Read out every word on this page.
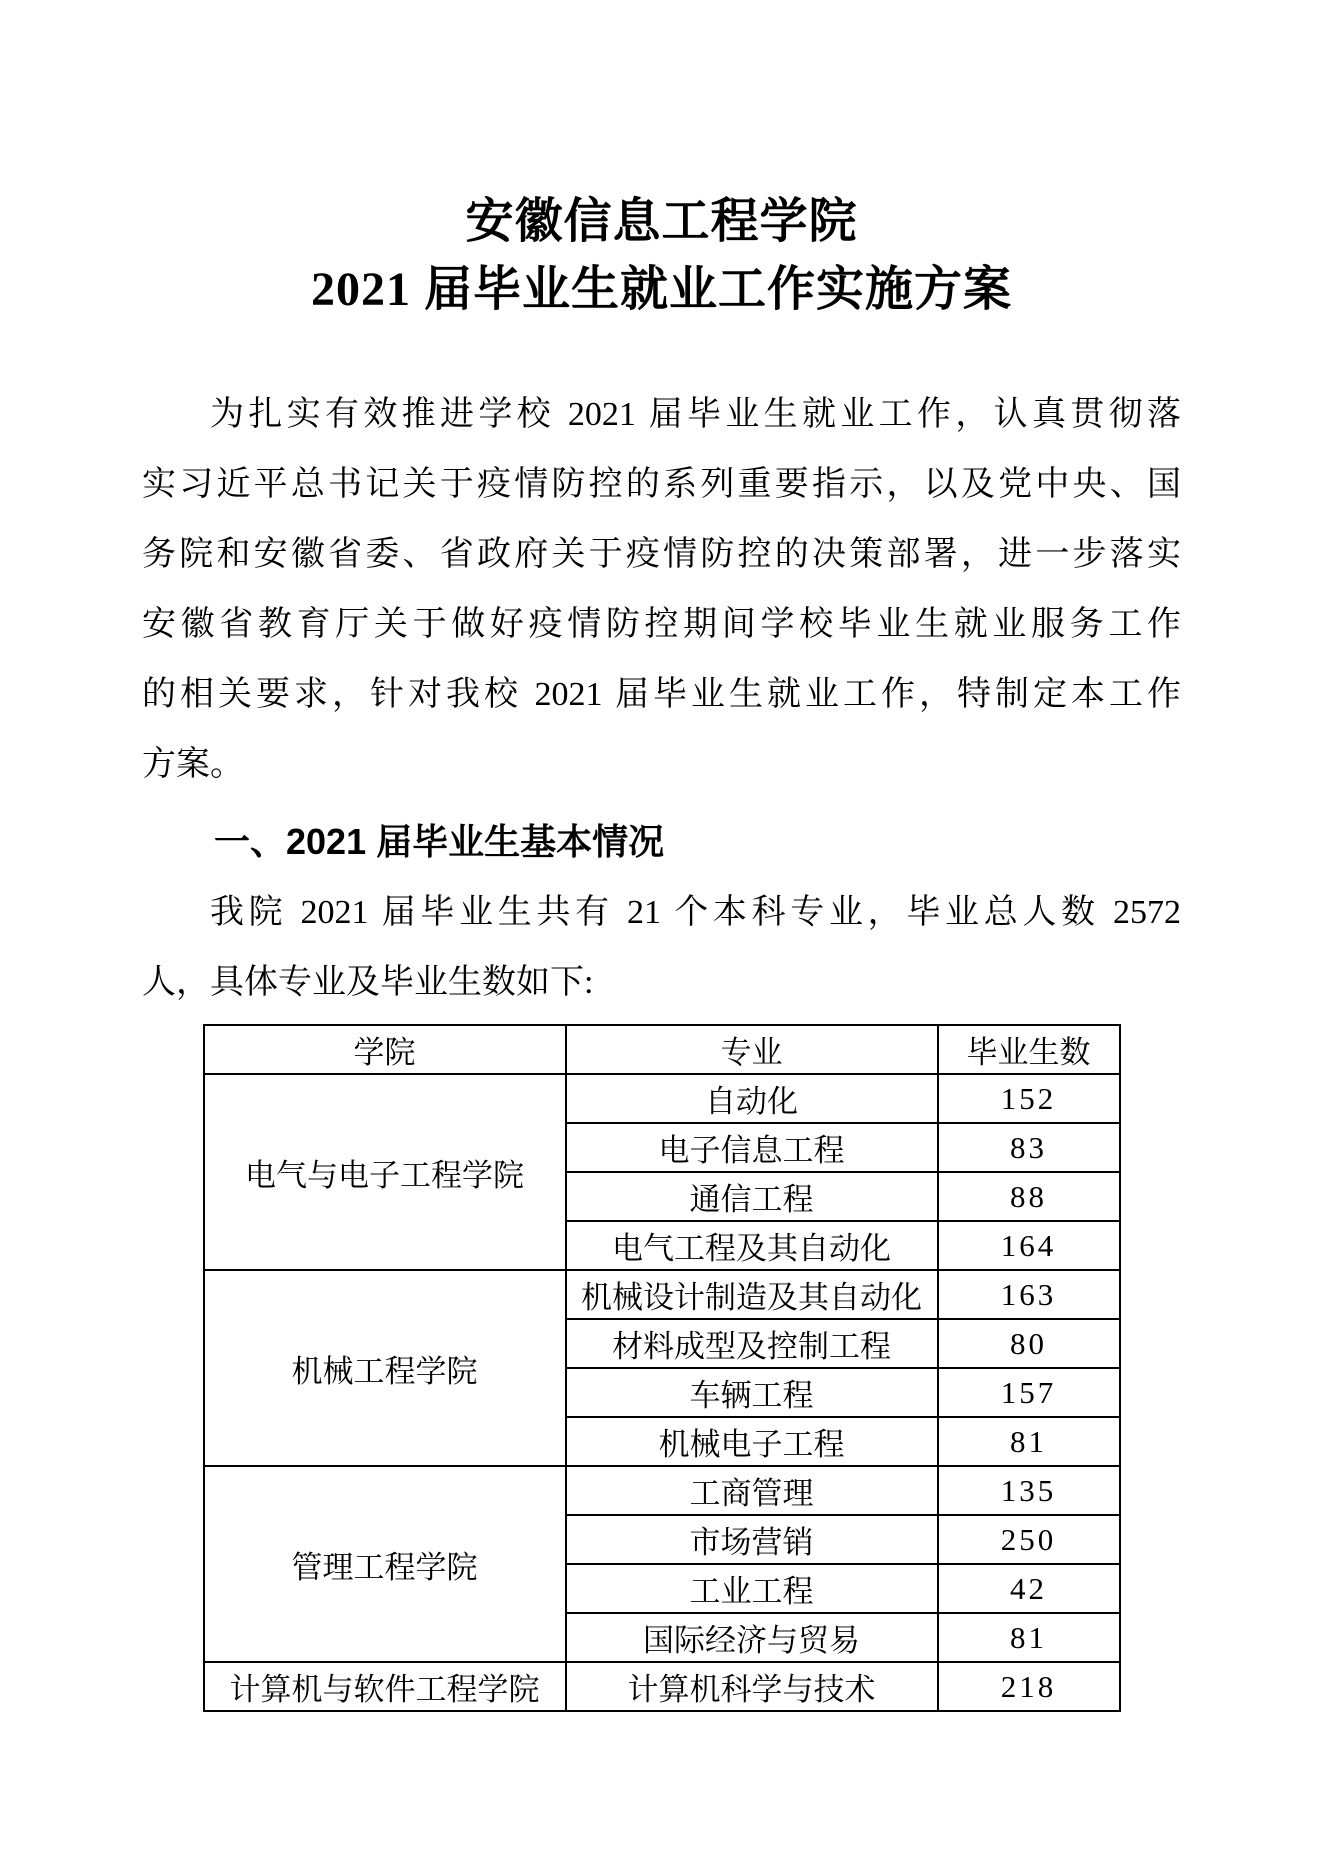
安徽信息工程学院
2021 届毕业生就业工作实施方案
为扎实有效推进学校 2021 届毕业生就业工作，认真贯彻落
实习近平总书记关于疫情防控的系列重要指示，以及党中央、国
务院和安徽省委、省政府关于疫情防控的决策部署，进一步落实
安徽省教育厅关于做好疫情防控期间学校毕业生就业服务工作
的相关要求，针对我校 2021 届毕业生就业工作，特制定本工作
方案。
一、2021 届毕业生基本情况
我院 2021 届毕业生共有 21 个本科专业，毕业总人数 2572
人，具体专业及毕业生数如下:
学院	专业	毕业生数
电气与电子工程学院	自动化	152
	电子信息工程	83
	通信工程	88
	电气工程及其自动化	164
机械工程学院	机械设计制造及其自动化	163
	材料成型及控制工程	80
	车辆工程	157
	机械电子工程	81
管理工程学院	工商管理	135
	市场营销	250
	工业工程	42
	国际经济与贸易	81
计算机与软件工程学院	计算机科学与技术	218
